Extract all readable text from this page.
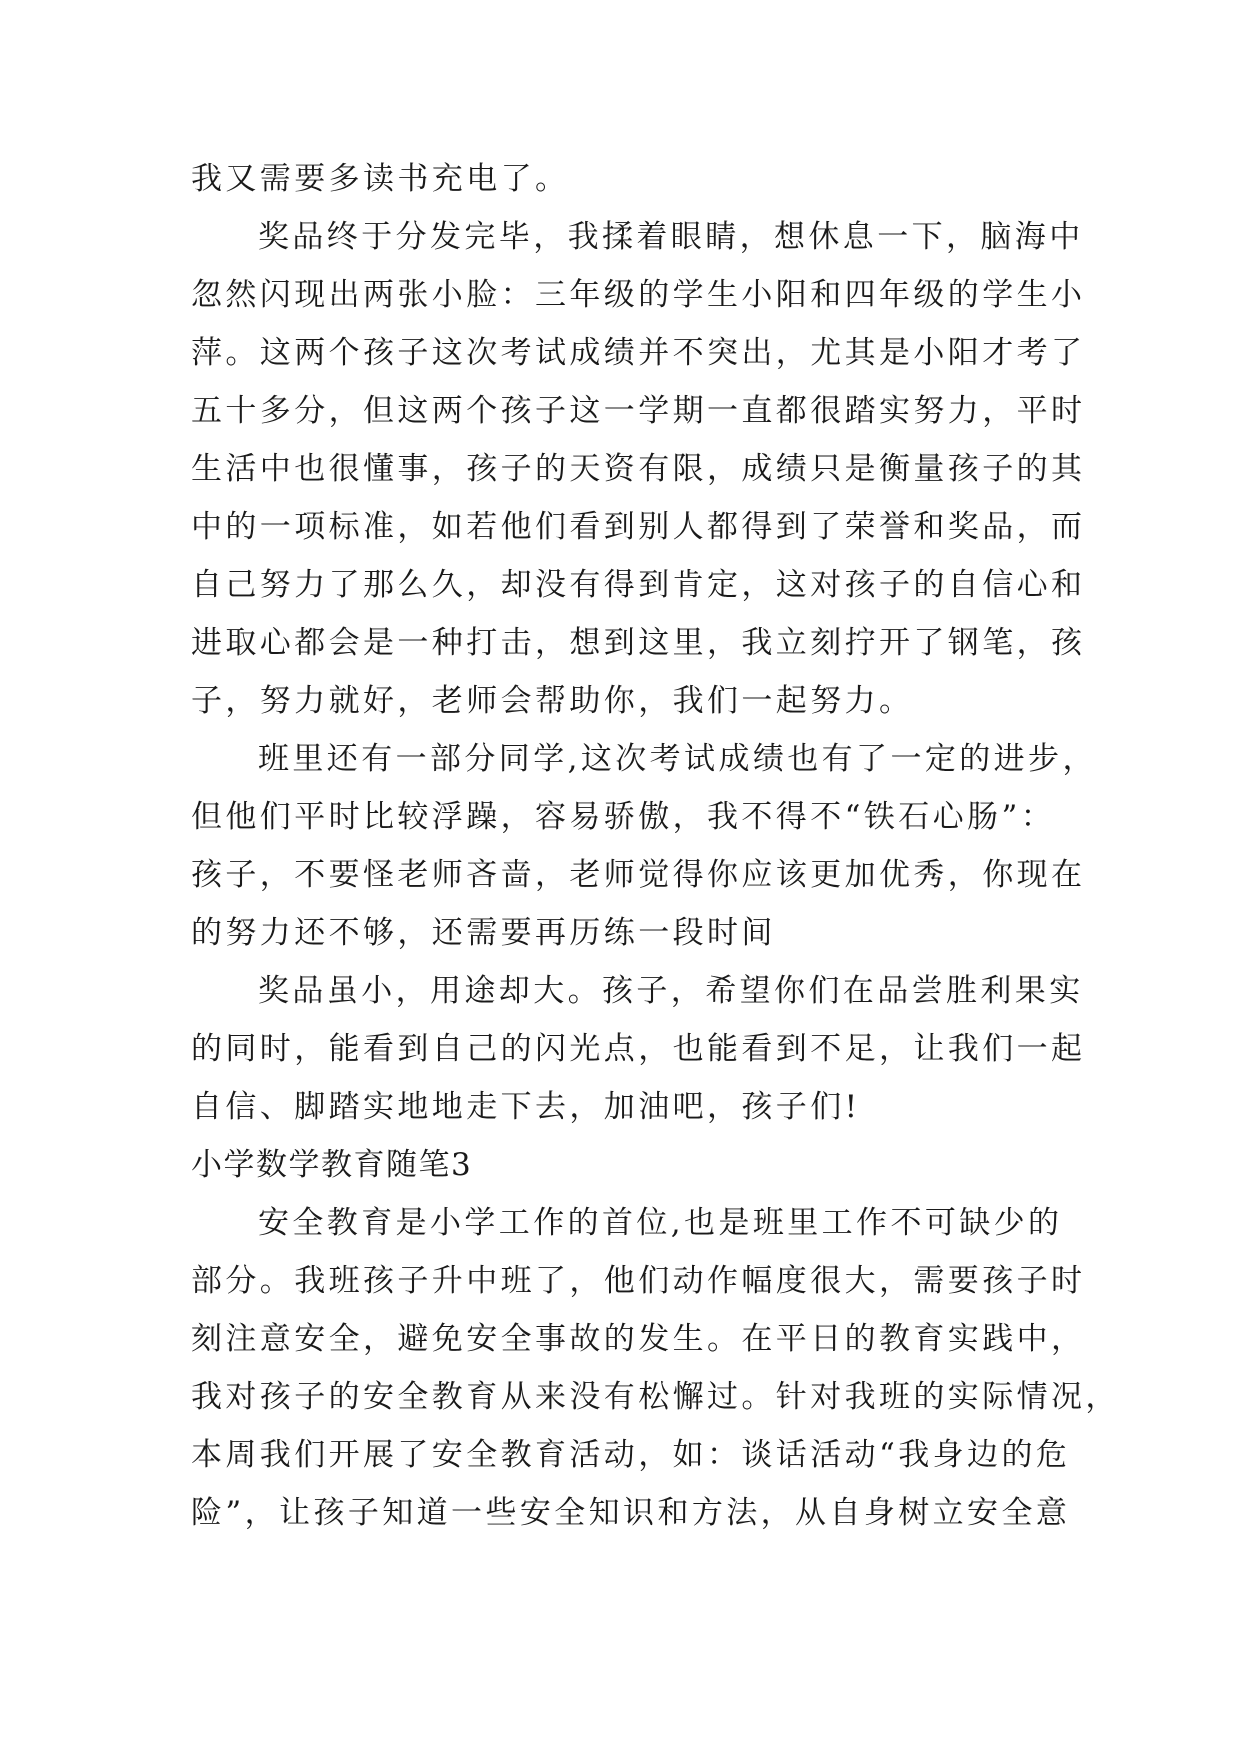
我又需要多读书充电了。
奖品终于分发完毕，我揉着眼睛，想休息一下，脑海中
忽然闪现出两张小脸：三年级的学生小阳和四年级的学生小
萍。这两个孩子这次考试成绩并不突出，尤其是小阳才考了
五十多分，但这两个孩子这一学期一直都很踏实努力，平时
生活中也很懂事，孩子的天资有限，成绩只是衡量孩子的其
中的一项标准，如若他们看到别人都得到了荣誉和奖品，而
自己努力了那么久，却没有得到肯定，这对孩子的自信心和
进取心都会是一种打击，想到这里，我立刻拧开了钢笔，孩
子，努力就好，老师会帮助你，我们一起努力。
班里还有一部分同学,这次考试成绩也有了一定的进步，
但他们平时比较浮躁，容易骄傲，我不得不“铁石心肠”：
孩子，不要怪老师吝啬，老师觉得你应该更加优秀，你现在
的努力还不够，还需要再历练一段时间
奖品虽小，用途却大。孩子，希望你们在品尝胜利果实
的同时，能看到自己的闪光点，也能看到不足，让我们一起
自信、脚踏实地地走下去，加油吧，孩子们!
小学数学教育随笔3
安全教育是小学工作的首位,也是班里工作不可缺少的
部分。我班孩子升中班了，他们动作幅度很大，需要孩子时
刻注意安全，避免安全事故的发生。在平日的教育实践中，
我对孩子的安全教育从来没有松懈过。针对我班的实际情况，
本周我们开展了安全教育活动，如：谈话活动“我身边的危
险”，让孩子知道一些安全知识和方法，从自身树立安全意
